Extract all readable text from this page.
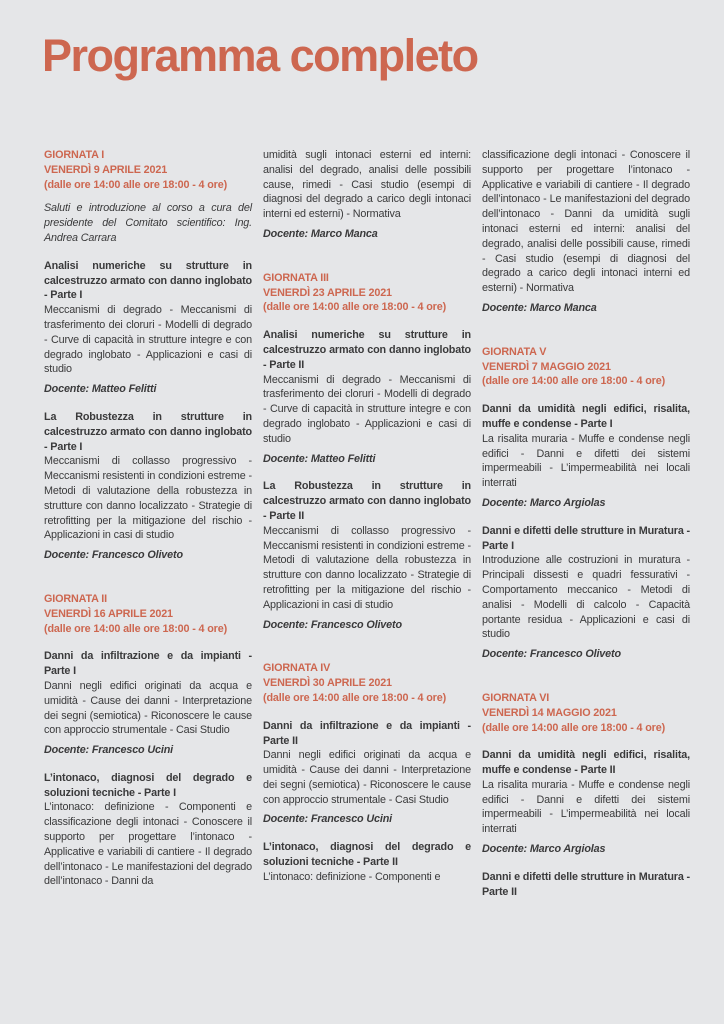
Programma completo
GIORNATA I
VENERDÌ 9 APRILE 2021
(dalle ore 14:00 alle ore 18:00 - 4 ore)

Saluti e introduzione al corso a cura del presidente del Comitato scientifico: Ing. Andrea Carrara

Analisi numeriche su strutture in calcestruzzo armato con danno inglobato - Parte I

Meccanismi di degrado - Meccanismi di trasferimento dei cloruri - Modelli di degrado - Curve di capacità in strutture integre e con degrado inglobato - Applicazioni e casi di studio

Docente: Matteo Felitti

La Robustezza in strutture in calcestruzzo armato con danno inglobato - Parte I

Meccanismi di collasso progressivo - Meccanismi resistenti in condizioni estreme - Metodi di valutazione della robustezza in strutture con danno localizzato - Strategie di retrofitting per la mitigazione del rischio - Applicazioni in casi di studio

Docente: Francesco Oliveto

GIORNATA II
VENERDÌ 16 APRILE 2021
(dalle ore 14:00 alle ore 18:00 - 4 ore)

Danni da infiltrazione e da impianti - Parte I

Danni negli edifici originati da acqua e umidità - Cause dei danni - Interpretazione dei segni (semiotica) - Riconoscere le cause con approccio strumentale - Casi Studio

Docente: Francesco Ucini

L’intonaco, diagnosi del degrado e soluzioni tecniche - Parte I

L’intonaco: definizione - Componenti e classificazione degli intonaci - Conoscere il supporto per progettare l’intonaco - Applicative e variabili di cantiere - Il degrado dell’intonaco - Le manifestazioni del degrado dell’intonaco - Danni da

umidità sugli intonaci esterni ed interni: analisi del degrado, analisi delle possibili cause, rimedi - Casi studio (esempi di diagnosi del degrado a carico degli intonaci interni ed esterni) - Normativa

Docente: Marco Manca

GIORNATA III
VENERDÌ 23 APRILE 2021
(dalle ore 14:00 alle ore 18:00 - 4 ore)

Analisi numeriche su strutture in calcestruzzo armato con danno inglobato - Parte II

Meccanismi di degrado - Meccanismi di trasferimento dei cloruri - Modelli di degrado - Curve di capacità in strutture integre e con degrado inglobato - Applicazioni e casi di studio

Docente: Matteo Felitti

La Robustezza in strutture in calcestruzzo armato con danno inglobato - Parte II

Meccanismi di collasso progressivo - Meccanismi resistenti in condizioni estreme - Metodi di valutazione della robustezza in strutture con danno localizzato - Strategie di retrofitting per la mitigazione del rischio - Applicazioni in casi di studio

Docente: Francesco Oliveto

GIORNATA IV
VENERDÌ 30 APRILE 2021
(dalle ore 14:00 alle ore 18:00 - 4 ore)

Danni da infiltrazione e da impianti - Parte II

Danni negli edifici originati da acqua e umidità - Cause dei danni - Interpretazione dei segni (semiotica) - Riconoscere le cause con approccio strumentale - Casi Studio

Docente: Francesco Ucini

L’intonaco, diagnosi del degrado e soluzioni tecniche - Parte II

L’intonaco: definizione - Componenti e

classificazione degli intonaci - Conoscere il supporto per progettare l’intonaco - Applicative e variabili di cantiere - Il degrado dell’intonaco - Le manifestazioni del degrado dell’intonaco - Danni da umidità sugli intonaci esterni ed interni: analisi del degrado, analisi delle possibili cause, rimedi - Casi studio (esempi di diagnosi del degrado a carico degli intonaci interni ed esterni) - Normativa

Docente: Marco Manca

GIORNATA V
VENERDÌ 7 MAGGIO 2021
(dalle ore 14:00 alle ore 18:00 - 4 ore)

Danni da umidità negli edifici, risalita, muffe e condense - Parte I

La risalita muraria - Muffe e condense negli edifici - Danni e difetti dei sistemi impermeabili - L’impermeabilità nei locali interrati

Docente: Marco Argiolas

Danni e difetti delle strutture in Muratura - Parte I

Introduzione alle costruzioni in muratura - Principali dissesti e quadri fessurativi - Comportamento meccanico - Metodi di analisi - Modelli di calcolo - Capacità portante residua - Applicazioni e casi di studio

Docente: Francesco Oliveto

GIORNATA VI
VENERDÌ 14 MAGGIO 2021
(dalle ore 14:00 alle ore 18:00 - 4 ore)

Danni da umidità negli edifici, risalita, muffe e condense - Parte II

La risalita muraria - Muffe e condense negli edifici - Danni e difetti dei sistemi impermeabili - L’impermeabilità nei locali interrati

Docente: Marco Argiolas

Danni e difetti delle strutture in Muratura - Parte II
